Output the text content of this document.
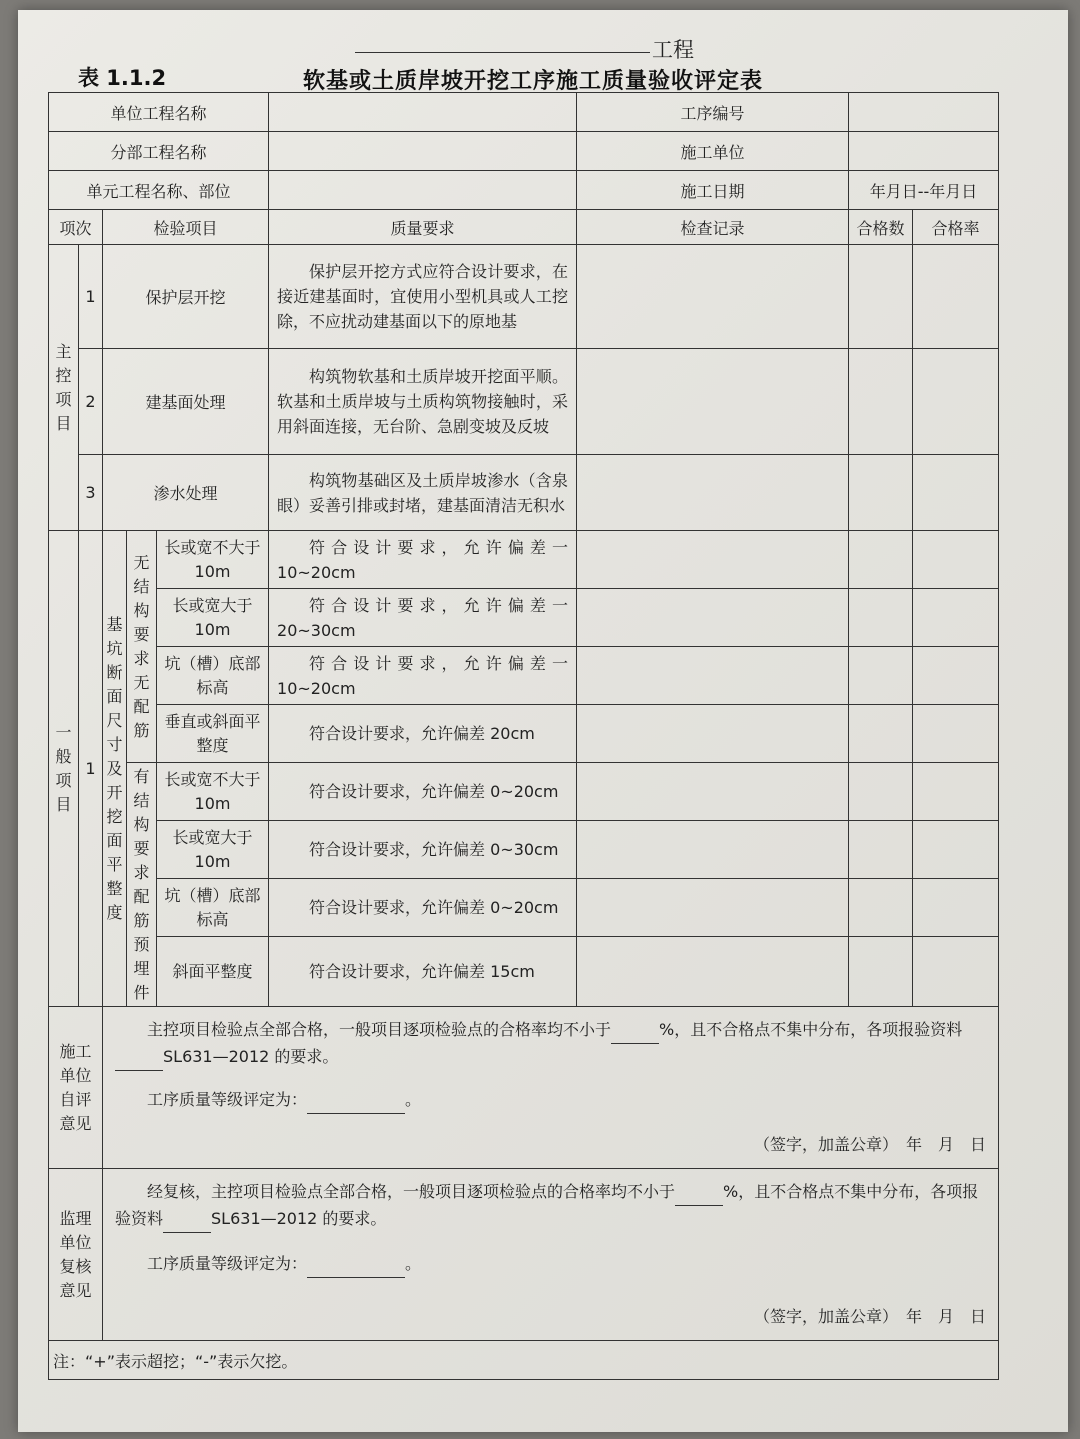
工程
表 1.1.2	软基或土质岸坡开挖工序施工质量验收评定表
单位工程名称						工序编号		
分部工程名称						施工单位		
单元工程名称、部位						施工日期	年月日--年月日	
项次		检验项目			质量要求	检查记录	合格数	合格率
主控项目	1	保护层开挖			保护层开挖方式应符合设计要求，在接近建基面时，宜使用小型机具或人工挖除，不应扰动建基面以下的原地基			
	2	建基面处理			构筑物软基和土质岸坡开挖面平顺。软基和土质岸坡与土质构筑物接触时，采用斜面连接，无台阶、急剧变坡及反坡			
	3	渗水处理			构筑物基础区及土质岸坡渗水（含泉眼）妥善引排或封堵，建基面清洁无积水			
一般项目	1	基坑断面尺寸及开挖面平整度	无结构要求无配筋	长或宽不大于 10m	符合设计要求，允许偏差一 10~20cm			
				长或宽大于 10m	符合设计要求，允许偏差一 20~30cm			
				坑（槽）底部标高	符合设计要求，允许偏差一 10~20cm			
				垂直或斜面平整度	符合设计要求，允许偏差 20cm			
			有结构要求配筋预埋件	长或宽不大于 10m	符合设计要求，允许偏差 0~20cm			
				长或宽大于 10m	符合设计要求，允许偏差 0~30cm			
				坑（槽）底部标高	符合设计要求，允许偏差 0~20cm			
				斜面平整度	符合设计要求，允许偏差 15cm			
施工单位自评意见		主控项目检验点全部合格，一般项目逐项检验点的合格率均不小于 %，且不合格点不集中分布，各项报验资料 SL631—2012 的要求。
工序质量等级评定为： 。
（签字，加盖公章）　年　月　日						

监理单位复核意见		经复核，主控项目检验点全部合格，一般项目逐项检验点的合格率均不小于 %，且不合格点不集中分布，各项报验资料 SL631—2012 的要求。
工序质量等级评定为： 。
（签字，加盖公章）　年　月　日						

注：“+”表示超挖；“-”表示欠挖。								
